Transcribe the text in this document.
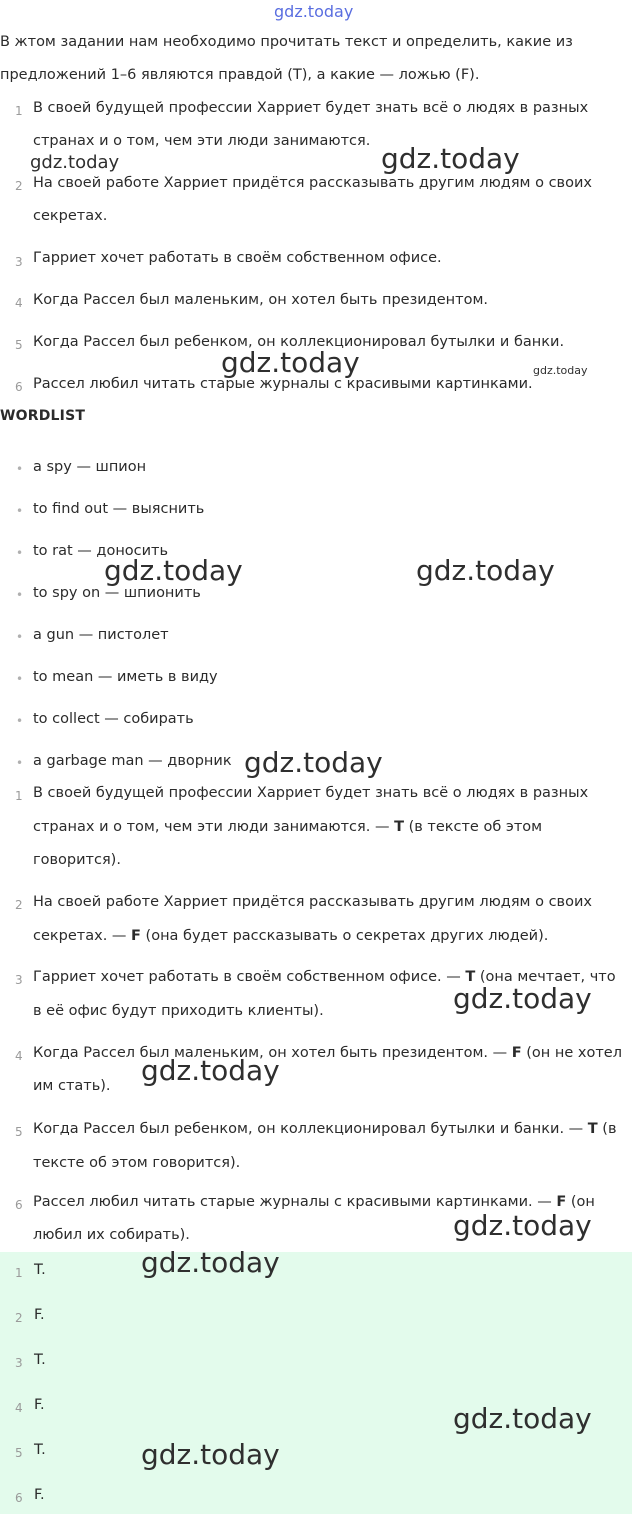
gdz.today
В жтом задании нам необходимо прочитать текст и определить, какие из
предложений 1–6 являются правдой (T), а какие — ложью (F).
1 В своей будущей профессии Харриет будет знать всё о людях в разных
странах и о том, чем эти люди занимаются.
2 На своей работе Харриет придётся рассказывать другим людям о своих
секретах.
3 Гарриет хочет работать в своём собственном офисе.
4 Когда Рассел был маленьким, он хотел быть президентом.
5 Когда Рассел был ребенком, он коллекционировал бутылки и банки.
6 Рассел любил читать старые журналы с красивыми картинками.
WORDLIST
• a spy — шпион
• to find out — выяснить
• to rat — доносить
• to spy on — шпионить
• a gun — пистолет
• to mean — иметь в виду
• to collect — собирать
• a garbage man — дворник
1 В своей будущей профессии Харриет будет знать всё о людях в разных
странах и о том, чем эти люди занимаются. — T (в тексте об этом
говорится).
2 На своей работе Харриет придётся рассказывать другим людям о своих
секретах. — F (она будет рассказывать о секретах других людей).
3 Гарриет хочет работать в своём собственном офисе. — T (она мечтает, что
в её офис будут приходить клиенты).
4 Когда Рассел был маленьким, он хотел быть президентом. — F (он не хотел
им стать).
5 Когда Рассел был ребенком, он коллекционировал бутылки и банки. — T (в
тексте об этом говорится).
6 Рассел любил читать старые журналы с красивыми картинками. — F (он
любил их собирать).
1 T.
2 F.
3 T.
4 F.
5 T.
6 F.
gdz.today	gdz.today
gdz.today	gdz.today
gdz.today	gdz.today
gdz.today
gdz.today
gdz.today
gdz.today
gdz.today
gdz.today
gdz.today
